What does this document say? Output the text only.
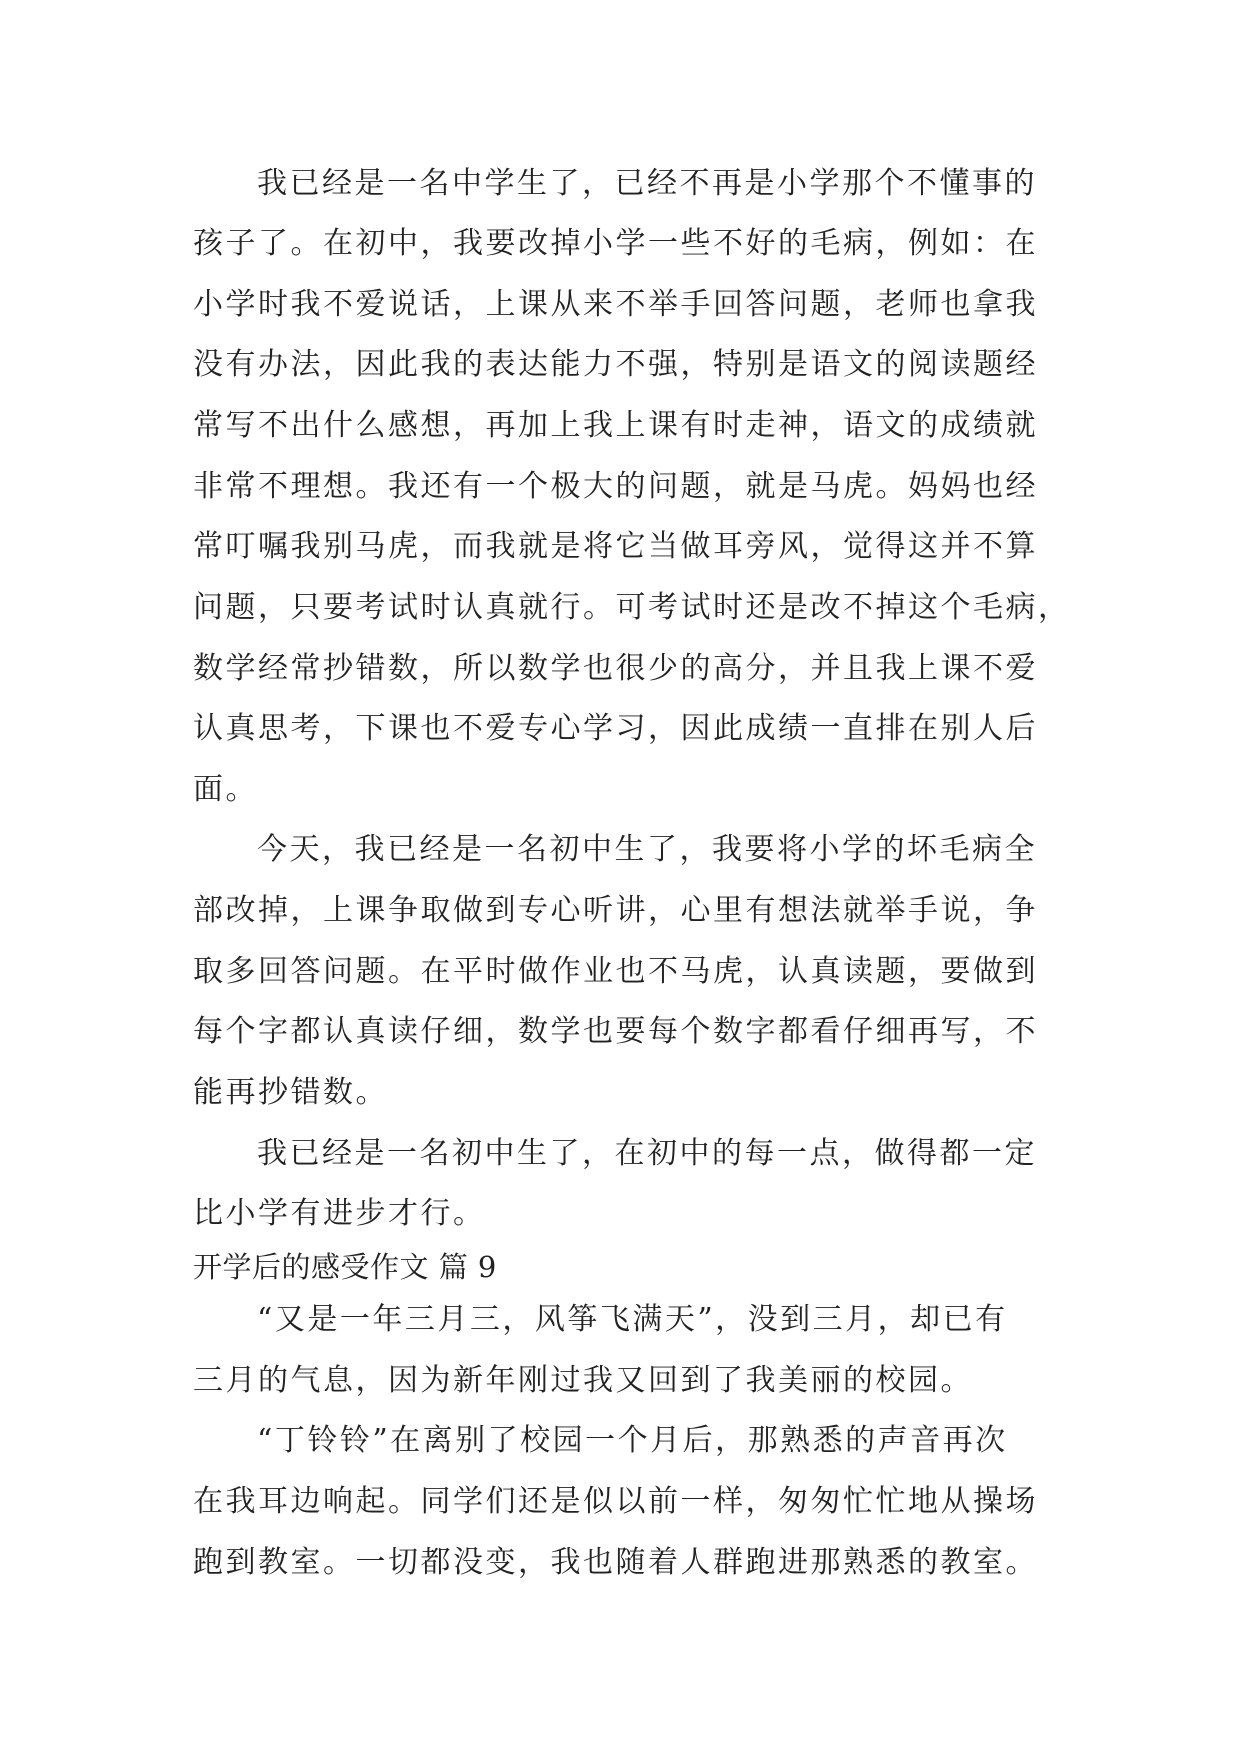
我已经是一名中学生了，已经不再是小学那个不懂事的
孩子了。在初中，我要改掉小学一些不好的毛病，例如：在
小学时我不爱说话，上课从来不举手回答问题，老师也拿我
没有办法，因此我的表达能力不强，特别是语文的阅读题经
常写不出什么感想，再加上我上课有时走神，语文的成绩就
非常不理想。我还有一个极大的问题，就是马虎。妈妈也经
常叮嘱我别马虎，而我就是将它当做耳旁风，觉得这并不算
问题，只要考试时认真就行。可考试时还是改不掉这个毛病，
数学经常抄错数，所以数学也很少的高分，并且我上课不爱
认真思考，下课也不爱专心学习，因此成绩一直排在别人后
面。
今天，我已经是一名初中生了，我要将小学的坏毛病全
部改掉，上课争取做到专心听讲，心里有想法就举手说，争
取多回答问题。在平时做作业也不马虎，认真读题，要做到
每个字都认真读仔细，数学也要每个数字都看仔细再写，不
能再抄错数。
我已经是一名初中生了，在初中的每一点，做得都一定
比小学有进步才行。
开学后的感受作文 篇 9
“又是一年三月三，风筝飞满天”，没到三月，却已有
三月的气息，因为新年刚过我又回到了我美丽的校园。
“丁铃铃”在离别了校园一个月后，那熟悉的声音再次
在我耳边响起。同学们还是似以前一样，匆匆忙忙地从操场
跑到教室。一切都没变，我也随着人群跑进那熟悉的教室。
